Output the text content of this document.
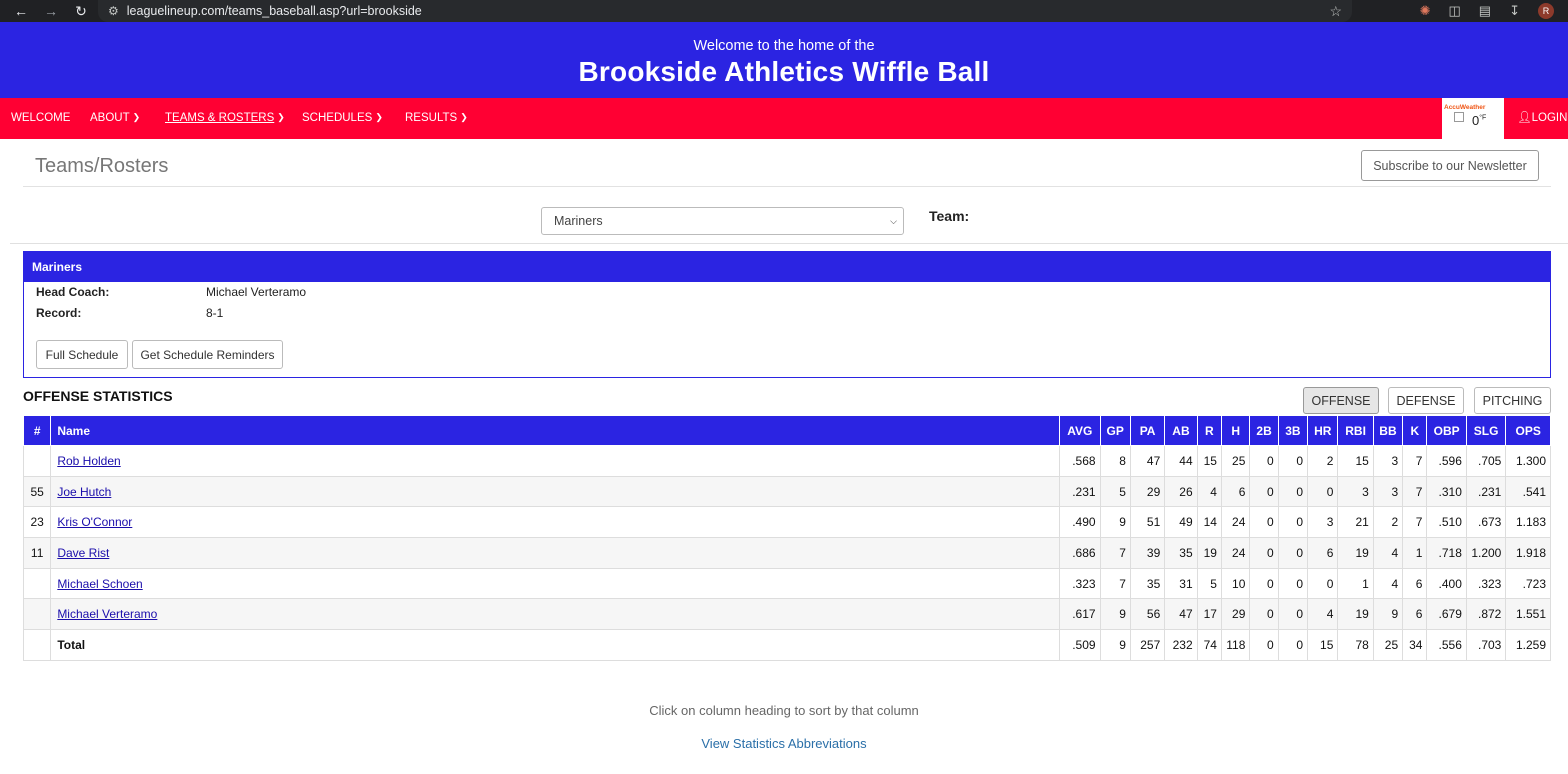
←	→	↻	⚙ leaguelineup.com/teams_baseball.asp?url=brookside	☆	✺ ◫ ▤ ↧	R
Welcome to the home of the
Brookside Athletics Wiffle Ball
WELCOME ABOUT ❯ TEAMS & ROSTERS ❯ SCHEDULES ❯ RESULTS ❯
AccuWeather
$0^{^\circ F}$	👤︎LOGIN
Teams/Rosters	Subscribe to our Newsletter
Mariners	⌵ Team:
Mariners
Head Coach:	Michael Verteramo
Record:	8-1
Full Schedule	Get Schedule Reminders
OFFENSE STATISTICS	OFFENSE	DEFENSE	PITCHING
#	Name	AVG	GP	PA	AB	R	H	2B	3B	HR	RBI	BB	K	OBP	SLG	OPS
	Rob Holden	.568	8	47	44	15	25	0	0	2	15	3	7	.596	.705	1.300
55	Joe Hutch	.231	5	29	26	4	6	0	0	0	3	3	7	.310	.231	.541
23	Kris O'Connor	.490	9	51	49	14	24	0	0	3	21	2	7	.510	.673	1.183
11	Dave Rist	.686	7	39	35	19	24	0	0	6	19	4	1	.718	1.200	1.918
	Michael Schoen	.323	7	35	31	5	10	0	0	0	1	4	6	.400	.323	.723
	Michael Verteramo	.617	9	56	47	17	29	0	0	4	19	9	6	.679	.872	1.551
	Total	.509	9	257	232	74	118	0	0	15	78	25	34	.556	.703	1.259
Click on column heading to sort by that column
View Statistics Abbreviations
